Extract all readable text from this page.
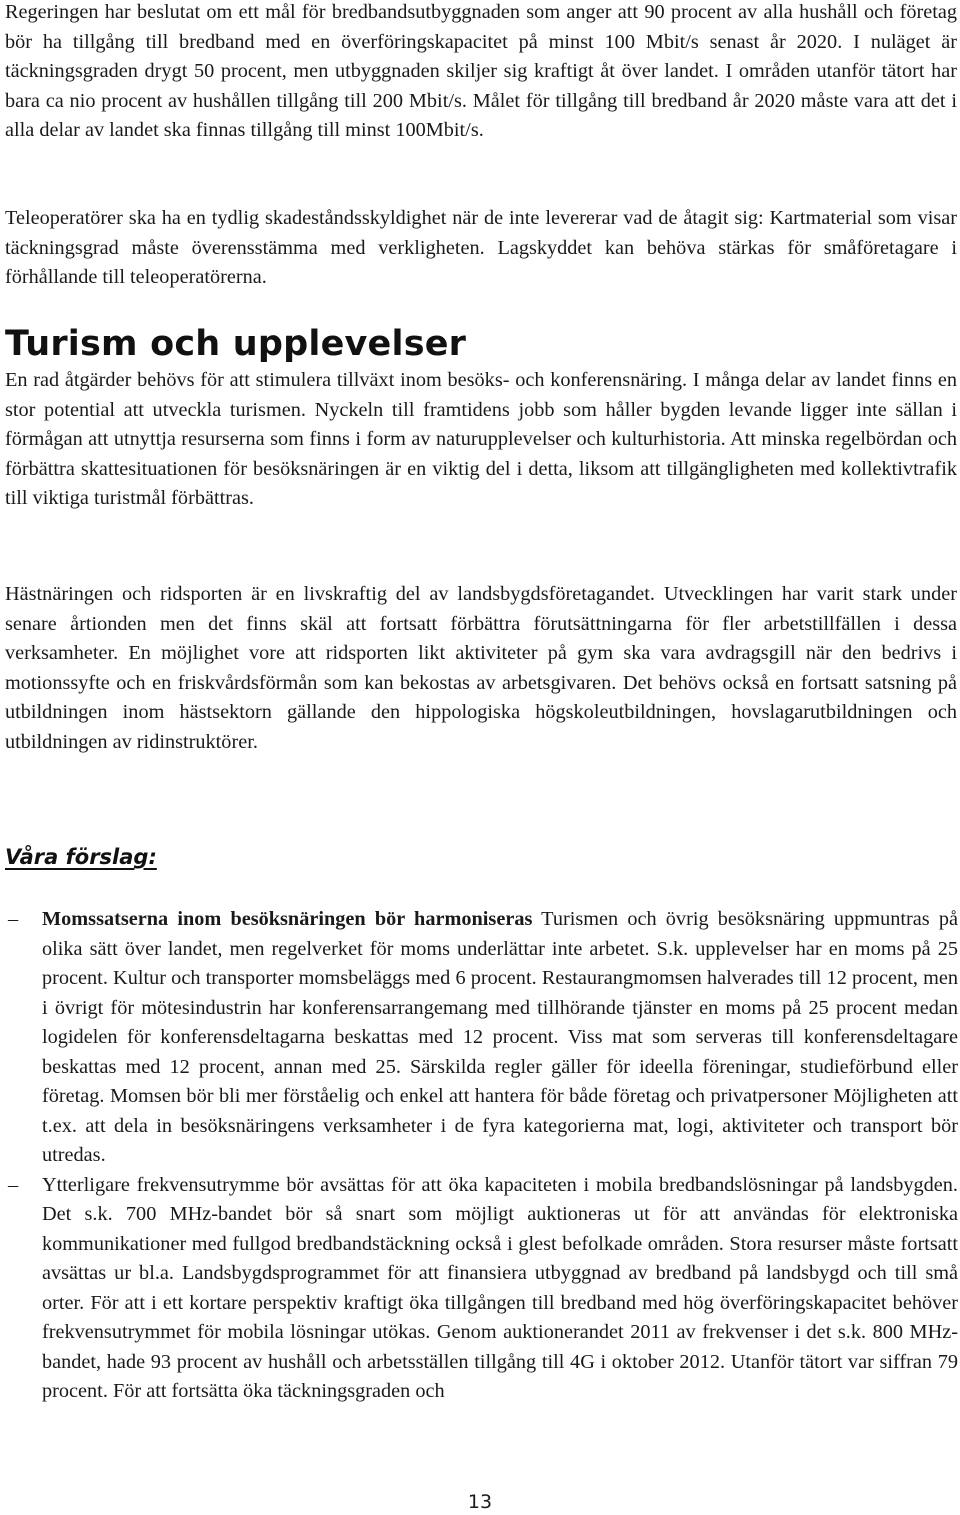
Regeringen har beslutat om ett mål för bredbandsutbyggnaden som anger att 90 procent av alla hushåll och företag bör ha tillgång till bredband med en överföringskapacitet på minst 100 Mbit/s senast år 2020. I nuläget är täckningsgraden drygt 50 procent, men utbyggnaden skiljer sig kraftigt åt över landet. I områden utanför tätort har bara ca nio procent av hushållen tillgång till 200 Mbit/s. Målet för tillgång till bredband år 2020 måste vara att det i alla delar av landet ska finnas tillgång till minst 100Mbit/s.

Teleoperatörer ska ha en tydlig skadeståndsskyldighet när de inte levererar vad de åtagit sig: Kartmaterial som visar täckningsgrad måste överensstämma med verkligheten. Lagskyddet kan behöva stärkas för småföretagare i förhållande till teleoperatörerna.

Turism och upplevelser

En rad åtgärder behövs för att stimulera tillväxt inom besöks- och konferensnäring. I många delar av landet finns en stor potential att utveckla turismen. Nyckeln till framtidens jobb som håller bygden levande ligger inte sällan i förmågan att utnyttja resurserna som finns i form av naturupplevelser och kulturhistoria. Att minska regelbördan och förbättra skattesituationen för besöksnäringen är en viktig del i detta, liksom att tillgängligheten med kollektivtrafik till viktiga turistmål förbättras.

Hästnäringen och ridsporten är en livskraftig del av landsbygdsföretagandet. Utvecklingen har varit stark under senare årtionden men det finns skäl att fortsatt förbättra förutsättningarna för fler arbetstillfällen i dessa verksamheter. En möjlighet vore att ridsporten likt aktiviteter på gym ska vara avdragsgill när den bedrivs i motionssyfte och en friskvårdsförmån som kan bekostas av arbetsgivaren. Det behövs också en fortsatt satsning på utbildningen inom hästsektorn gällande den hippologiska högskoleutbildningen, hovslagarutbildningen och utbildningen av ridinstruktörer.

Våra förslag:
– Momssatserna inom besöksnäringen bör harmoniseras Turismen och övrig besöksnäring uppmuntras på olika sätt över landet, men regelverket för moms underlättar inte arbetet. S.k. upplevelser har en moms på 25 procent. Kultur och transporter momsbeläggs med 6 procent. Restaurangmomsen halverades till 12 procent, men i övrigt för mötesindustrin har konferensarrangemang med tillhörande tjänster en moms på 25 procent medan logidelen för konferensdeltagarna beskattas med 12 procent. Viss mat som serveras till konferensdeltagare beskattas med 12 procent, annan med 25. Särskilda regler gäller för ideella föreningar, studieförbund eller företag. Momsen bör bli mer förståelig och enkel att hantera för både företag och privatpersoner Möjligheten att t.ex. att dela in besöksnäringens verksamheter i de fyra kategorierna mat, logi, aktiviteter och transport bör utredas.
– Ytterligare frekvensutrymme bör avsättas för att öka kapaciteten i mobila bredbandslösningar på landsbygden. Det s.k. 700 MHz-bandet bör så snart som möjligt auktioneras ut för att användas för elektroniska kommunikationer med fullgod bredbandstäckning också i glest befolkade områden. Stora resurser måste fortsatt avsättas ur bl.a. Landsbygdsprogrammet för att finansiera utbyggnad av bredband på landsbygd och till små orter. För att i ett kortare perspektiv kraftigt öka tillgången till bredband med hög överföringskapacitet behöver frekvensutrymmet för mobila lösningar utökas. Genom auktionerandet 2011 av frekvenser i det s.k. 800 MHz-bandet, hade 93 procent av hushåll och arbetsställen tillgång till 4G i oktober 2012. Utanför tätort var siffran 79 procent. För att fortsätta öka täckningsgraden och
13
